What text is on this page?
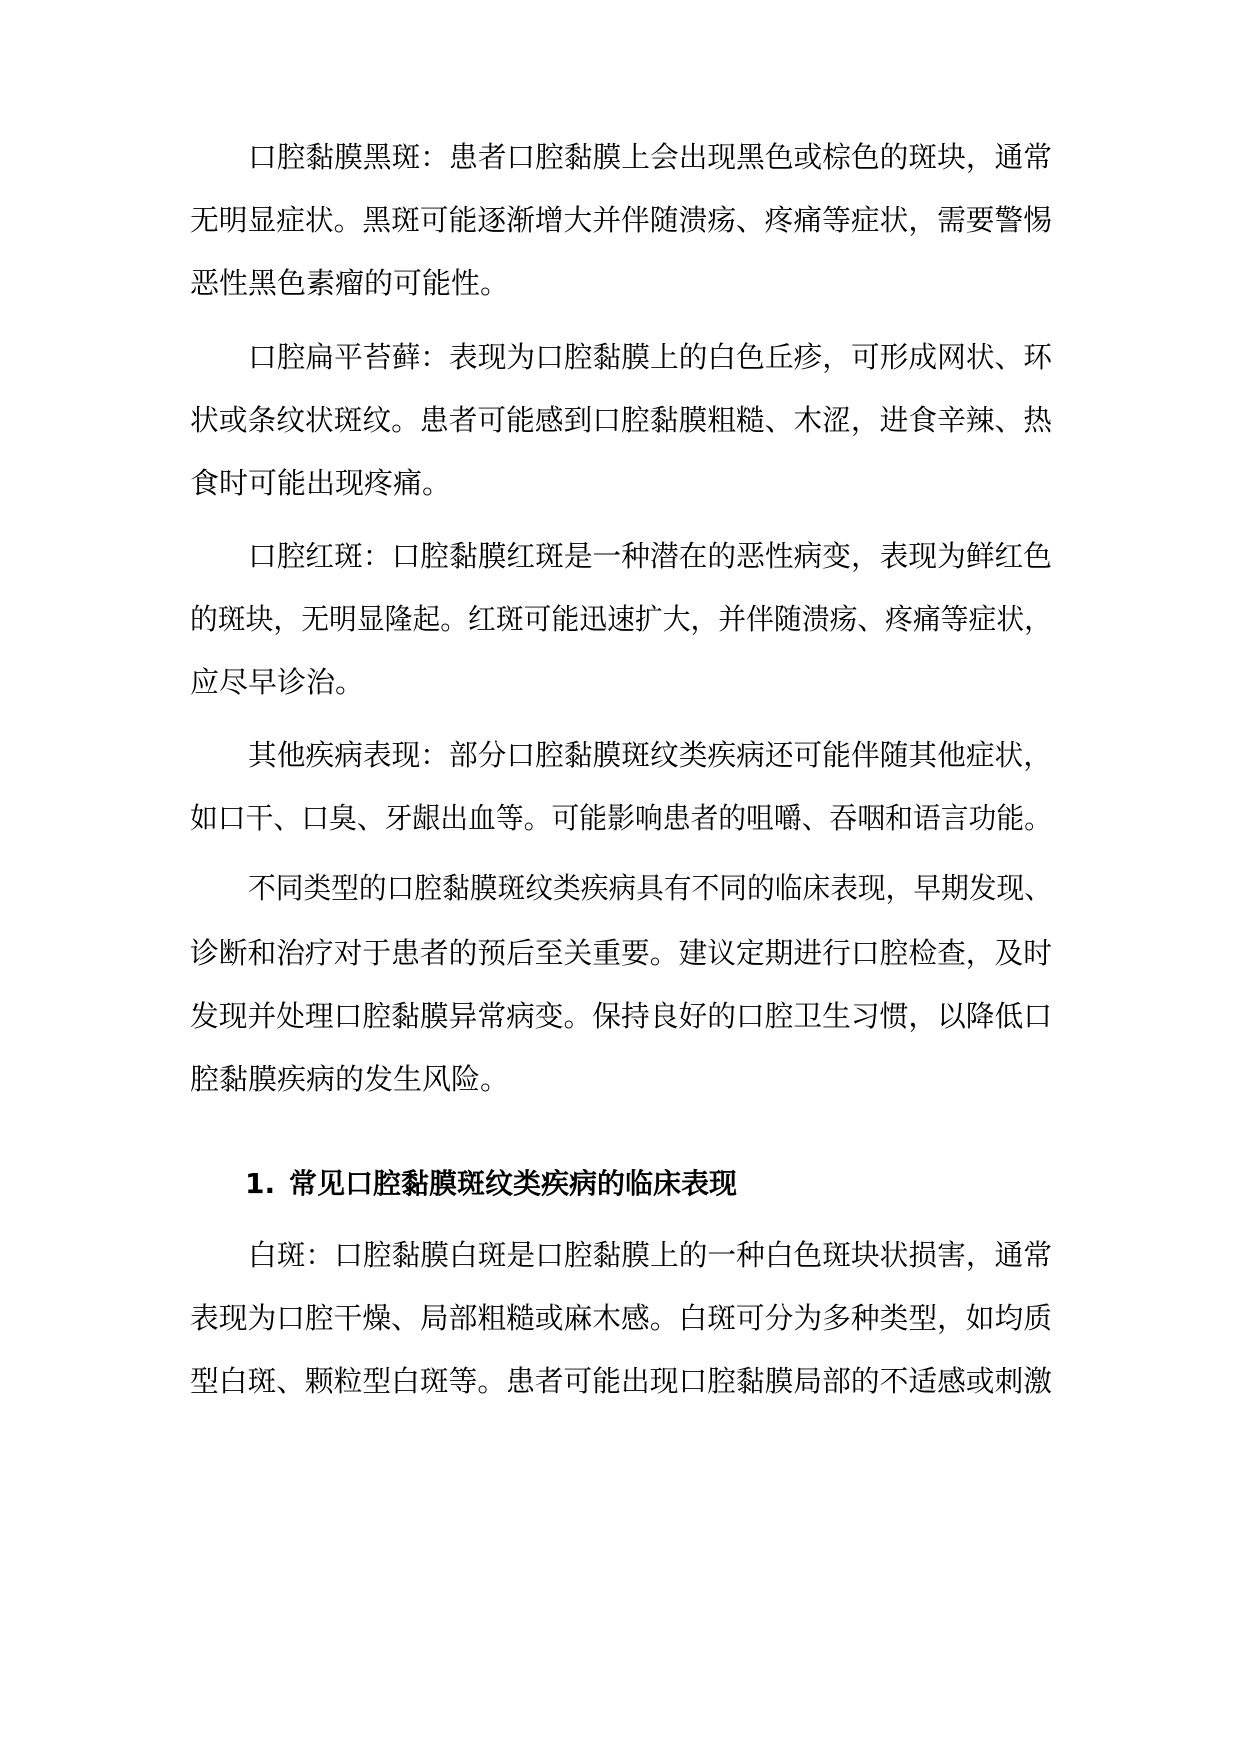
口腔黏膜黑斑：患者口腔黏膜上会出现黑色或棕色的斑块，通常
无明显症状。黑斑可能逐渐增大并伴随溃疡、疼痛等症状，需要警惕
恶性黑色素瘤的可能性。
口腔扁平苔藓：表现为口腔黏膜上的白色丘疹，可形成网状、环
状或条纹状斑纹。患者可能感到口腔黏膜粗糙、木涩，进食辛辣、热
食时可能出现疼痛。
口腔红斑：口腔黏膜红斑是一种潜在的恶性病变，表现为鲜红色
的斑块，无明显隆起。红斑可能迅速扩大，并伴随溃疡、疼痛等症状，
应尽早诊治。
其他疾病表现：部分口腔黏膜斑纹类疾病还可能伴随其他症状，
如口干、口臭、牙龈出血等。可能影响患者的咀嚼、吞咽和语言功能。
不同类型的口腔黏膜斑纹类疾病具有不同的临床表现，早期发现、
诊断和治疗对于患者的预后至关重要。建议定期进行口腔检查，及时
发现并处理口腔黏膜异常病变。保持良好的口腔卫生习惯，以降低口
腔黏膜疾病的发生风险。
1. 常见口腔黏膜斑纹类疾病的临床表现
白斑：口腔黏膜白斑是口腔黏膜上的一种白色斑块状损害，通常
表现为口腔干燥、局部粗糙或麻木感。白斑可分为多种类型，如均质
型白斑、颗粒型白斑等。患者可能出现口腔黏膜局部的不适感或刺激
